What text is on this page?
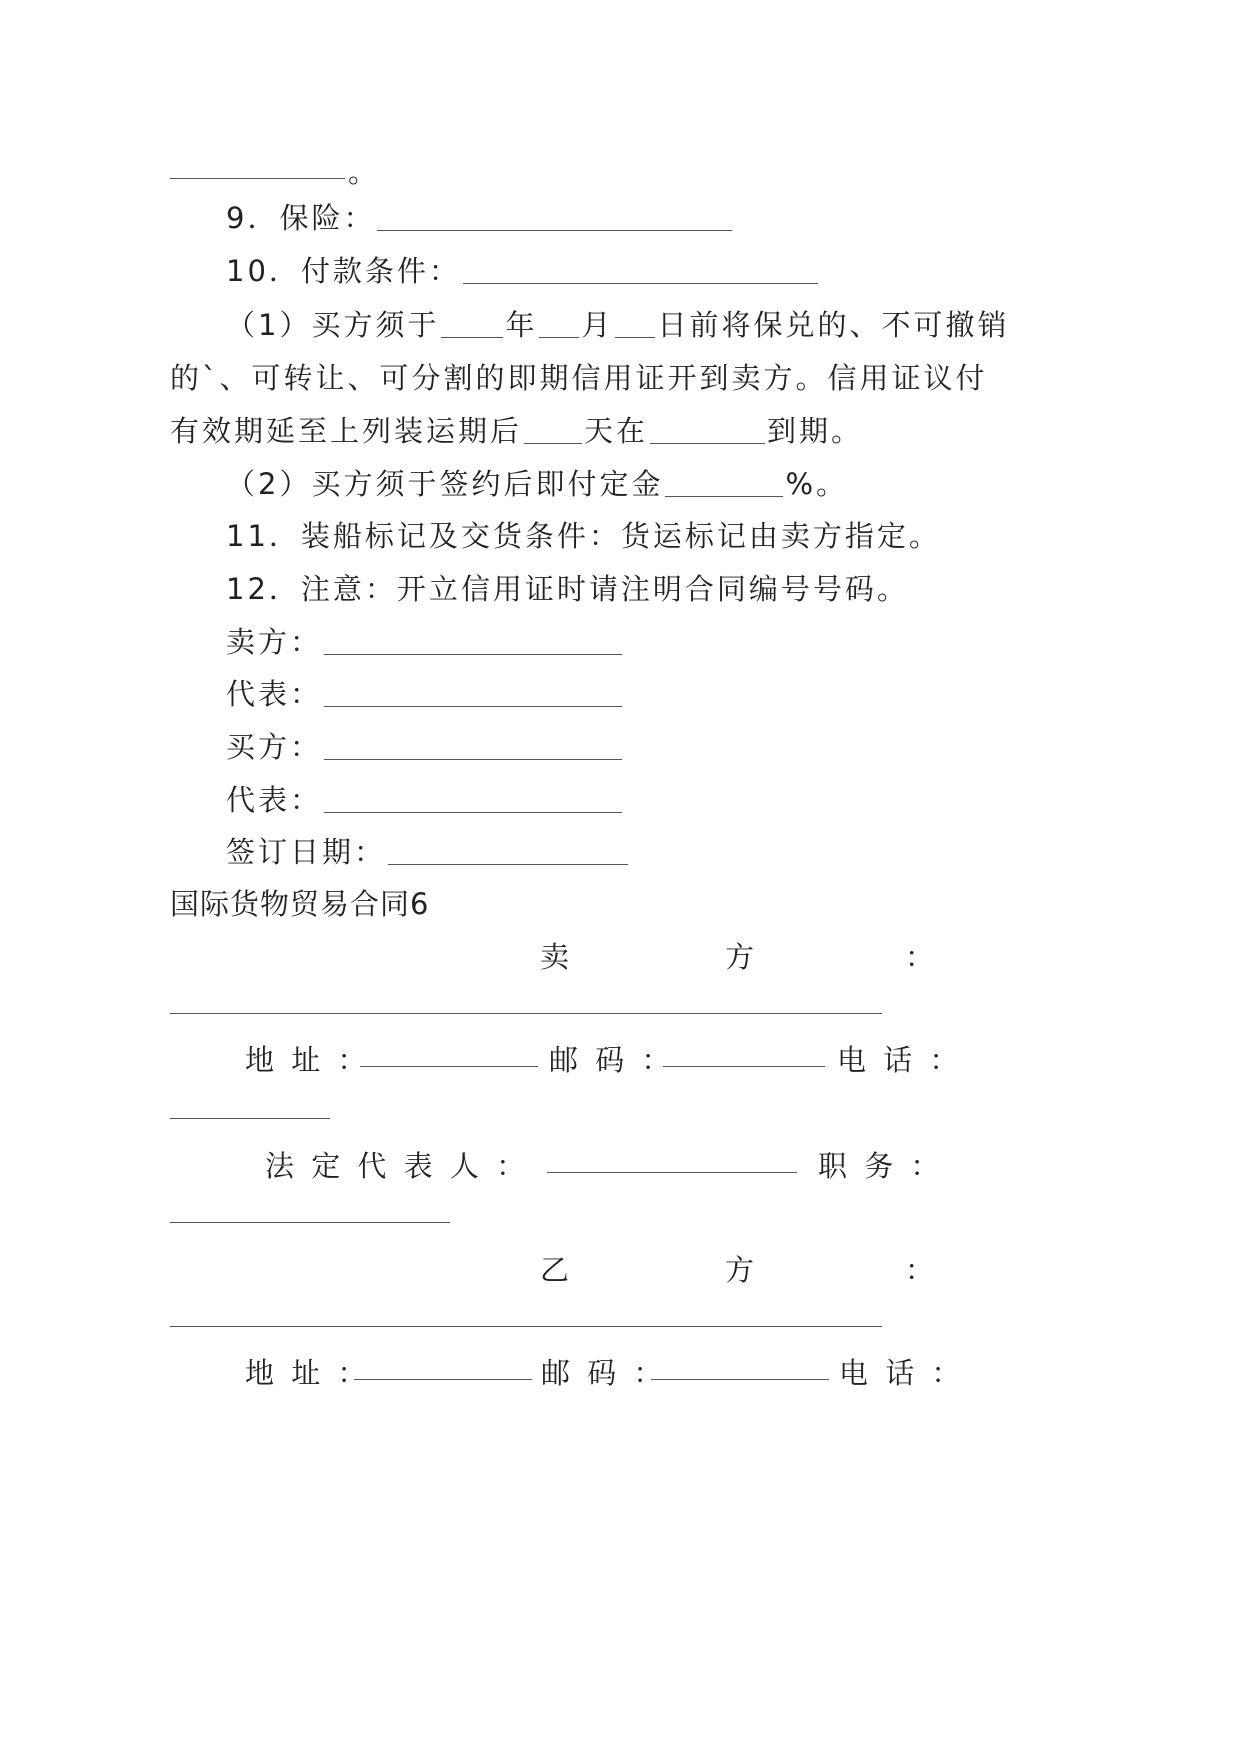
。
9．保险：
10．付款条件：
（1）买方须于 年 月 日前将保兑的、不可撤销
的`、可转让、可分割的即期信用证开到卖方。信用证议付
有效期延至上列装运期后 天在	到期。
（2）买方须于签约后即付定金	%。
11．装船标记及交货条件：货运标记由卖方指定。
12．注意：开立信用证时请注明合同编号号码。
卖方：
代表：
买方：
代表：
签订日期：
国际货物贸易合同6
卖	方	：
地 址 ：	邮 码 ：	电 话 ：
法 定 代 表 人 ：	职 务 ：
乙	方	：
地 址 ：	邮 码 ：	电 话 ：
